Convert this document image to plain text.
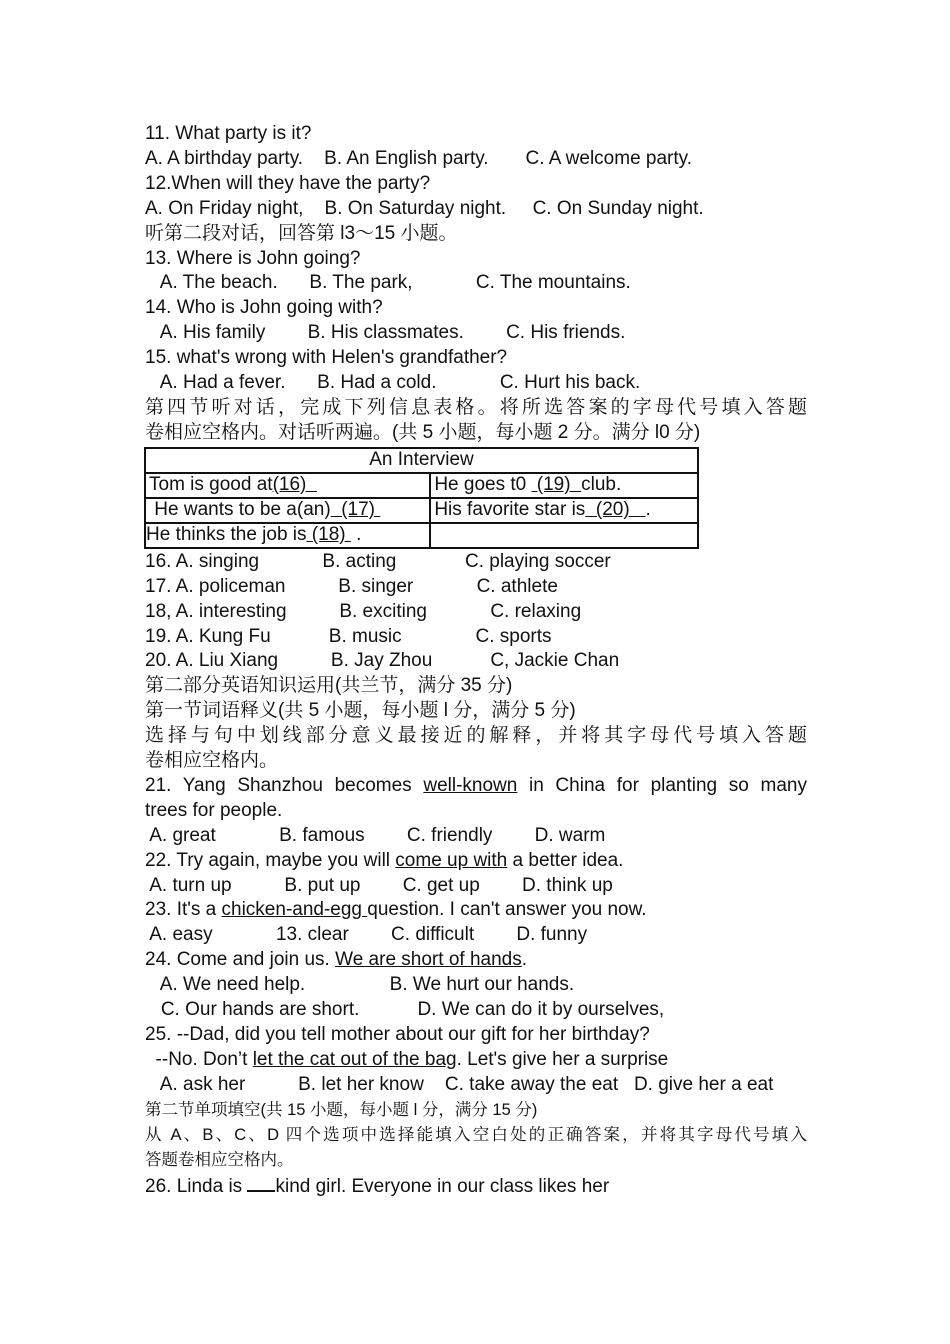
11. What party is it?
A. A birthday party.    B. An English party.       C. A welcome party.
12.When will they have the party?
A. On Friday night,    B. On Saturday night.     C. On Sunday night.
听第二段对话，回答第 l3～15 小题。
13. Where is John going?
A. The beach.      B. The park,            C. The mountains.
14. Who is John going with?
A. His family        B. His classmates.        C. His friends.
15. what's wrong with Helen's grandfather?
A. Had a fever.      B. Had a cold.            C. Hurt his back.
第四节听对话，完成下列信息表格。将所选答案的字母代号填入答题
卷相应空格内。对话听两遍。(共 5 小题，每小题 2 分。满分 l0 分)
An Interview	
Tom is good at(16)	He goes t0  (19)  club.
He wants to be a(an)  (17)	His favorite star is  (20)   .
He thinks the job is (18)  .	
16. A. singing            B. acting             C. playing soccer
17. A. policeman          B. singer            C. athlete
18, A. interesting          B. exciting            C. relaxing
19. A. Kung Fu           B. music              C. sports
20. A. Liu Xiang          B. Jay Zhou           C, Jackie Chan
第二部分英语知识运用(共兰节，满分 35 分)
第一节词语释义(共 5 小题，每小题 l 分，满分 5 分)
选择与句中划线部分意义最接近的解释，并将其字母代号填入答题
卷相应空格内。
21. Yang Shanzhou becomes well-known in China for planting so many
trees for people.
A. great            B. famous        C. friendly        D. warm
22. Try again, maybe you will come up with a better idea.
A. turn up          B. put up        C. get up        D. think up
23. It's a chicken-and-egg question. I can't answer you now.
A. easy            13. clear        C. difficult        D. funny
24. Come and join us. We are short of hands.
A. We need help.                B. We hurt our hands.
C. Our hands are short.           D. We can do it by ourselves,
25. --Dad, did you tell mother about our gift for her birthday?
--No. Don’t let the cat out of the bag. Let's give her a surprise
A. ask her          B. let her know    C. take away the eat   D. give her a eat
第二节单项填空(共 15 小题，每小题 l 分，满分 15 分)
从 A、B、C、D 四个选项中选择能填入空白处的正确答案，并将其字母代号填入
答题卷相应空格内。
26. Linda is kind girl. Everyone in our class likes her
